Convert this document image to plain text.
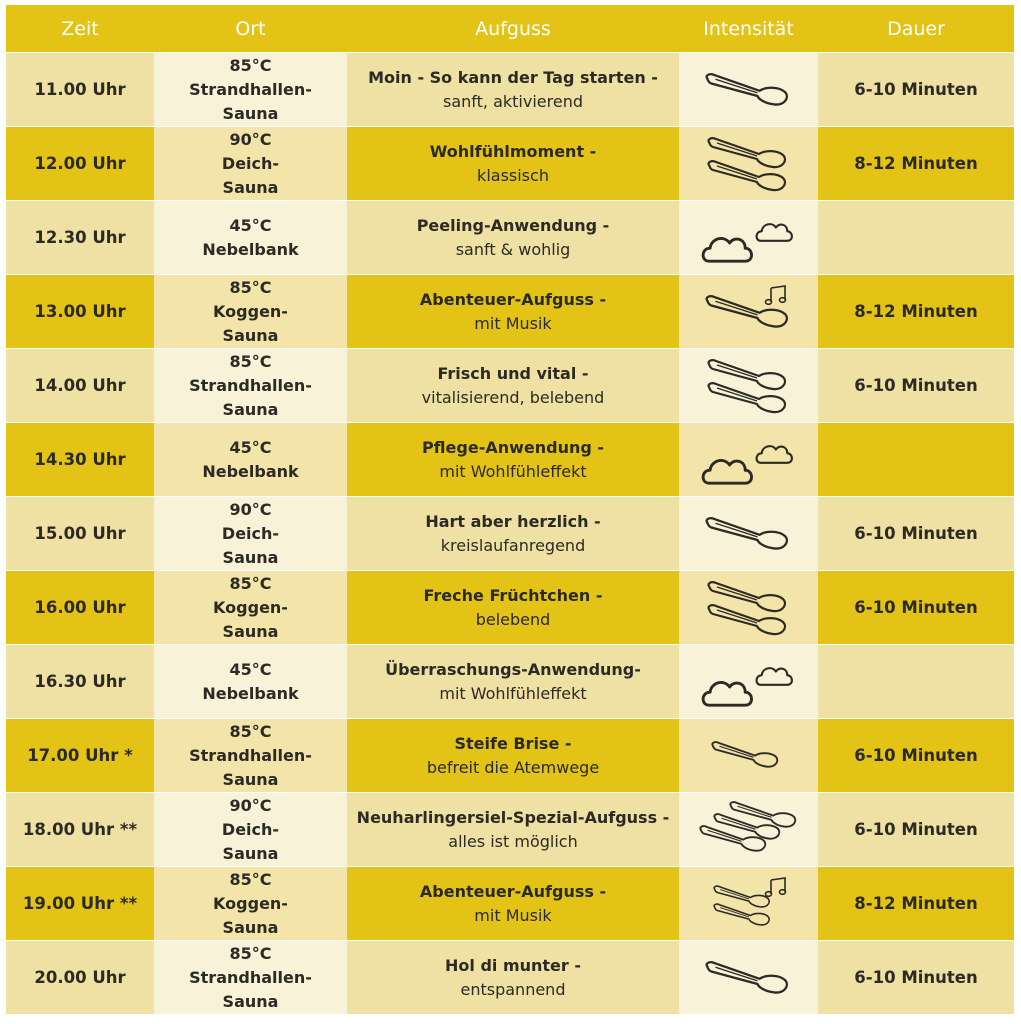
Zeit	Ort	Aufguss	Intensität	Dauer
11.00 Uhr	85°C
Strandhallen-
Sauna	Moin - So kann der Tag starten -
sanft, aktivierend		6-10 Minuten
12.00 Uhr	90°C
Deich-
Sauna	Wohlfühlmoment -
klassisch		8-12 Minuten
12.30 Uhr	45°C
Nebelbank	Peeling-Anwendung -
sanft & wohlig

13.00 Uhr	85°C
Koggen-
Sauna	Abenteuer-Aufguss -
mit Musik		8-12 Minuten
14.00 Uhr	85°C
Strandhallen-
Sauna	Frisch und vital -
vitalisierend, belebend		6-10 Minuten
14.30 Uhr	45°C
Nebelbank	Pflege-Anwendung -
mit Wohlfühleffekt

15.00 Uhr	90°C
Deich-
Sauna	Hart aber herzlich -
kreislaufanregend		6-10 Minuten
16.00 Uhr	85°C
Koggen-
Sauna	Freche Früchtchen -
belebend		6-10 Minuten
16.30 Uhr	45°C
Nebelbank	Überraschungs-Anwendung-
mit Wohlfühleffekt

17.00 Uhr *	85°C
Strandhallen-
Sauna	Steife Brise -
befreit die Atemwege		6-10 Minuten
18.00 Uhr **	90°C
Deich-
Sauna	Neuharlingersiel-Spezial-Aufguss -
alles ist möglich		6-10 Minuten
19.00 Uhr **	85°C
Koggen-
Sauna	Abenteuer-Aufguss -
mit Musik		8-12 Minuten
20.00 Uhr	85°C
Strandhallen-
Sauna	Hol di munter -
entspannend		6-10 Minuten
